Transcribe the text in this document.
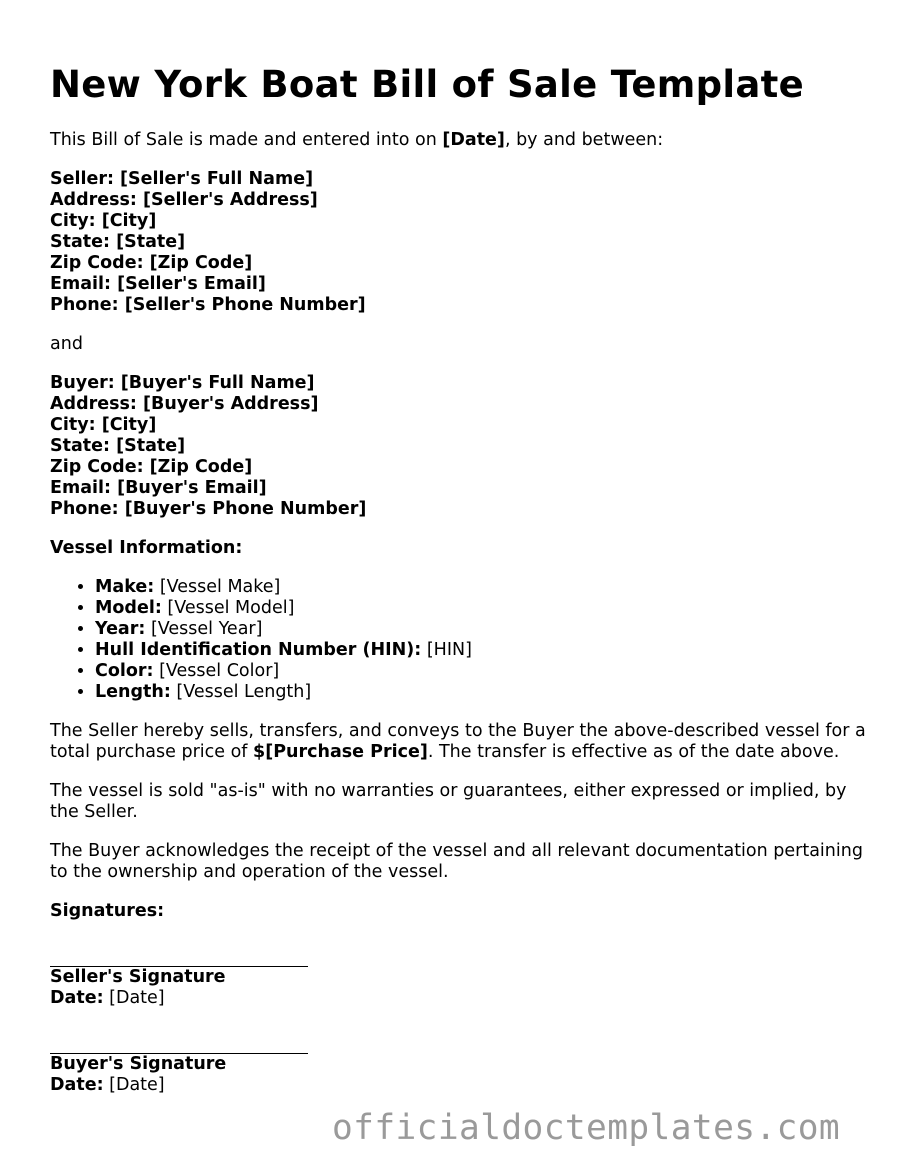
New York Boat Bill of Sale Template

This Bill of Sale is made and entered into on [Date], by and between:

Seller: [Seller's Full Name]
Address: [Seller's Address]
City: [City]
State: [State]
Zip Code: [Zip Code]
Email: [Seller's Email]
Phone: [Seller's Phone Number]

and

Buyer: [Buyer's Full Name]
Address: [Buyer's Address]
City: [City]
State: [State]
Zip Code: [Zip Code]
Email: [Buyer's Email]
Phone: [Buyer's Phone Number]

Vessel Information:

• Make: [Vessel Make]
• Model: [Vessel Model]
• Year: [Vessel Year]
• Hull Identification Number (HIN): [HIN]
• Color: [Vessel Color]
• Length: [Vessel Length]

The Seller hereby sells, transfers, and conveys to the Buyer the above-described vessel for a total purchase price of $[Purchase Price]. The transfer is effective as of the date above.

The vessel is sold "as-is" with no warranties or guarantees, either expressed or implied, by the Seller.

The Buyer acknowledges the receipt of the vessel and all relevant documentation pertaining to the ownership and operation of the vessel.

Signatures:

Seller's Signature
Date: [Date]
Buyer's Signature
Date: [Date]
officialdoctemplates.com
